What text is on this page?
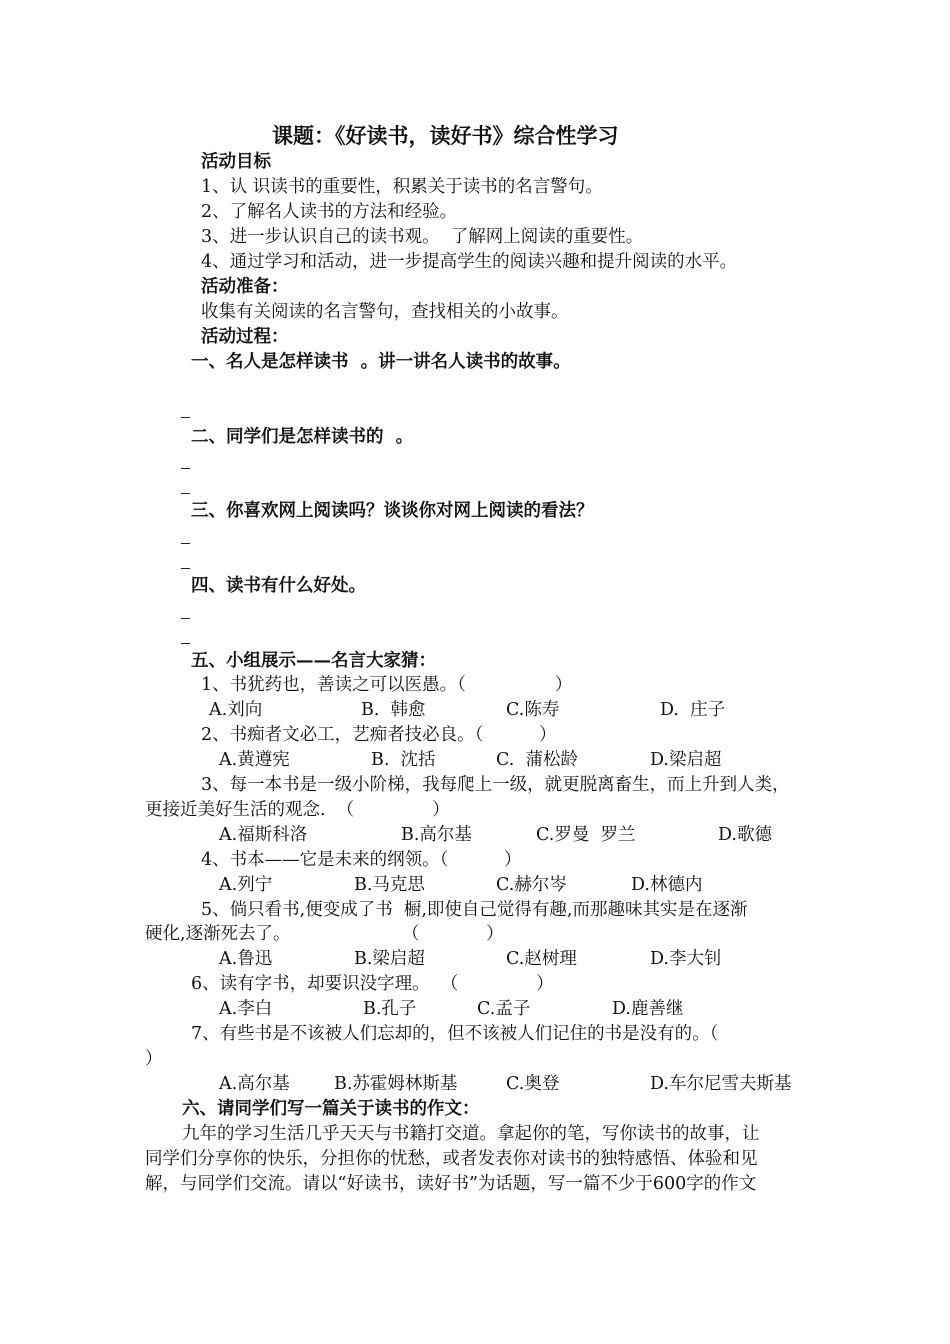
课题：《好读书，读好书》综合性学习
活动目标
1、认 识读书的重要性，积累关于读书的名言警句。
2、了解名人读书的方法和经验。
3、进一步认识自己的读书观。  了解网上阅读的重要性。
4、通过学习和活动，进一步提高学生的阅读兴趣和提升阅读的水平。
活动准备：
收集有关阅读的名言警句，查找相关的小故事。
活动过程：
一、名人是怎样读书  。讲一讲名人读书的故事。
二、同学们是怎样读书的  。
三、你喜欢网上阅读吗？谈谈你对网上阅读的看法？
四、读书有什么好处。
五、小组展示——名言大家猜：
1、书犹药也，善读之可以医愚。（                ）
A.刘向	B.  韩愈	C.陈寿	D.  庄子
2、书痴者文必工，艺痴者技必良。（          ）
A.黄遵宪	B.  沈括	C.  蒲松龄	D.梁启超
3、每一本书是一级小阶梯，我每爬上一级，就更脱离畜生，而上升到人类，
更接近美好生活的观念.  （              ）
A.福斯科洛	B.高尔基	C.罗曼  罗兰	D.歌德
4、书本——它是未来的纲领。（          ）
A.列宁	B.马克思	C.赫尔岑	D.林德内
5、倘只看书,便变成了书  橱,即使自己觉得有趣,而那趣味其实是在逐渐
硬化,逐渐死去了。                    （            ）
A.鲁迅	B.梁启超	C.赵树理	D.李大钊
6、读有字书，却要识没字理。  （              ）
A.李白	B.孔子	C.孟子	D.鹿善继
7、有些书是不该被人们忘却的，但不该被人们记住的书是没有的。（
）
A.高尔基	B.苏霍姆林斯基	C.奥登	D.车尔尼雪夫斯基
六、请同学们写一篇关于读书的作文：
九年的学习生活几乎天天与书籍打交道。拿起你的笔，写你读书的故事，让
同学们分享你的快乐，分担你的忧愁，或者发表你对读书的独特感悟、体验和见
解，与同学们交流。请以“好读书，读好书”为话题，写一篇不少于600字的作文
